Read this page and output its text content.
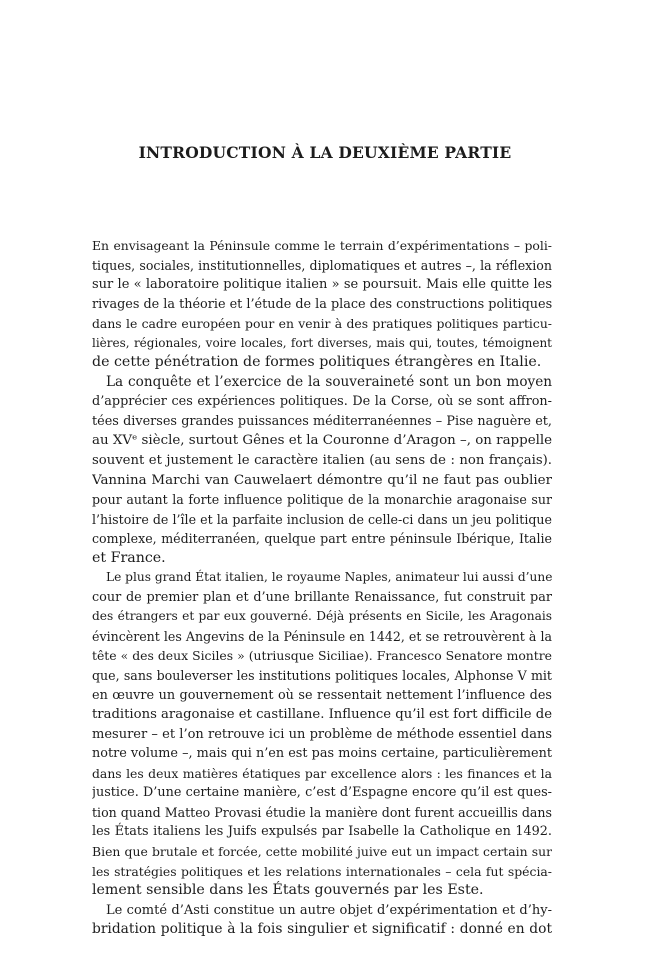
INTRODUCTION À LA DEUXIÈME PARTIE
En envisageant la Péninsule comme le terrain d’expérimentations – poli-
tiques, sociales, institutionnelles, diplomatiques et autres –, la réflexion
sur le « laboratoire politique italien » se poursuit. Mais elle quitte les
rivages de la théorie et l’étude de la place des constructions politiques
dans le cadre européen pour en venir à des pratiques politiques particu-
lières, régionales, voire locales, fort diverses, mais qui, toutes, témoignent
de cette pénétration de formes politiques étrangères en Italie.
La conquête et l’exercice de la souveraineté sont un bon moyen
d’apprécier ces expériences politiques. De la Corse, où se sont affron-
tées diverses grandes puissances méditerranéennes – Pise naguère et,
au XVᵉ siècle, surtout Gênes et la Couronne d’Aragon –, on rappelle
souvent et justement le caractère italien (au sens de : non français).
Vannina Marchi van Cauwelaert démontre qu’il ne faut pas oublier
pour autant la forte influence politique de la monarchie aragonaise sur
l’histoire de l’île et la parfaite inclusion de celle-ci dans un jeu politique
complexe, méditerranéen, quelque part entre péninsule Ibérique, Italie
et France.
Le plus grand État italien, le royaume Naples, animateur lui aussi d’une
cour de premier plan et d’une brillante Renaissance, fut construit par
des étrangers et par eux gouverné. Déjà présents en Sicile, les Aragonais
évincèrent les Angevins de la Péninsule en 1442, et se retrouvèrent à la
tête « des deux Siciles » (utriusque Siciliae). Francesco Senatore montre
que, sans bouleverser les institutions politiques locales, Alphonse V mit
en œuvre un gouvernement où se ressentait nettement l’influence des
traditions aragonaise et castillane. Influence qu’il est fort difficile de
mesurer – et l’on retrouve ici un problème de méthode essentiel dans
notre volume –, mais qui n’en est pas moins certaine, particulièrement
dans les deux matières étatiques par excellence alors : les finances et la
justice. D’une certaine manière, c’est d’Espagne encore qu’il est ques-
tion quand Matteo Provasi étudie la manière dont furent accueillis dans
les États italiens les Juifs expulsés par Isabelle la Catholique en 1492.
Bien que brutale et forcée, cette mobilité juive eut un impact certain sur
les stratégies politiques et les relations internationales – cela fut spécia-
lement sensible dans les États gouvernés par les Este.
Le comté d’Asti constitue un autre objet d’expérimentation et d’hy-
bridation politique à la fois singulier et significatif : donné en dot
